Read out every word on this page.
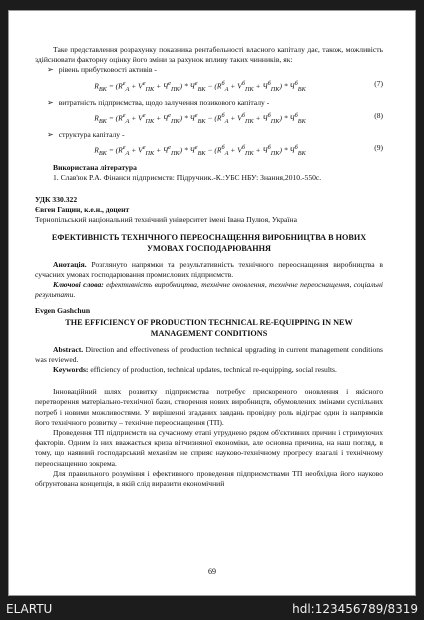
Таке представлення розрахунку показника рентабельності власного капіталу дає, також, можливість здійснювати факторну оцінку його зміни за рахунок впливу таких чинників, як:

➢ рівень прибутковості активів -

$R_{BK} = (R^e_A + V^e_{ПК} + Ч^e_{ПК}) * Ч^e_{ВК} - (R^б_A + V^б_{ПК} + Ч^б_{ПК}) * Ч^б_{ВК}$
(7)

➢ витратність підприємства, щодо залучення позикового капіталу -

$R_{BK} = (R^e_A + V^e_{ПК} + Ч^e_{ПК}) * Ч^e_{ВК} - (R^б_A + V^б_{ПК} + Ч^б_{ПК}) * Ч^б_{ВК}$
(8)

➢ структура капіталу -

$R_{BK} = (R^e_A + V^e_{ПК} + Ч^e_{ПК}) * Ч^e_{ВК} - (R^б_A + V^б_{ПК} + Ч^б_{ПК}) * Ч^б_{ВК}$
(9)

Використана література

1. Слав'юк Р.А. Фінанси підприємств: Підручник.-К.:УБС НБУ: Знання,2010.-550с.

УДК 330.322

Євген Гащин, к.е.н., доцент

Тернопільський національний технічний університет імені Івана Пулюя, Україна

ЕФЕКТИВНІСТЬ ТЕХНІЧНОГО ПЕРЕОСНАЩЕННЯ ВИРОБНИЦТВА В НОВИХ УМОВАХ ГОСПОДАРЮВАННЯ

Анотація. Розглянуто напрямки та результативність технічного переоснащення виробництва в сучасних умовах господарювання промислових підприємств.

Ключові слова: ефективність виробництва, технічне оновлення, технічне переоснащення, соціальні результати.

Evgen Gashchun

THE EFFICIENCY OF PRODUCTION TECHNICAL RE-EQUIPPING IN NEW MANAGEMENT CONDITIONS

Abstract. Direction and effectiveness of production technical upgrading in current management conditions was reviewed.

Keywords: efficiency of production, technical updates, technical re-equipping, social results.

Інноваційний шлях розвитку підприємства потребує прискореного оновлення і якісного перетворення матеріально-технічної бази, створення нових виробництв, обумовлених змінами суспільних потреб і новими можливостями. У вирішенні згаданих завдань провідну роль відіграє один із напрямків його технічного розвитку – технічне переоснащення (ТП).

Проведення ТП підприємств на сучасному етапі утруднено рядом об'єктивних причин і стримуючих факторів. Одним із них вважається криза вітчизняної економіки, але основна причина, на наш погляд, в тому, що наявний господарський механізм не сприяє науково-технічному прогресу взагалі і технічному переоснащенню зокрема.

Для правильного розуміння і ефективного проведення підприємствами ТП необхідна його науково обґрунтована концепція, в якій слід виразити економічний

69
ELARTU	hdl:123456789/8319
